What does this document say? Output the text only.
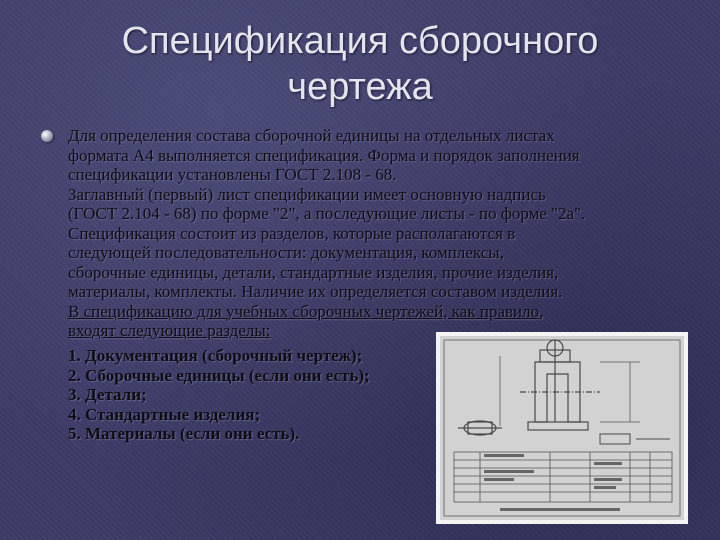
Спецификация сборочного чертежа
Для определения состава сборочной единицы на отдельных листах
формата А4 выполняется спецификация. Форма и порядок заполнения
спецификации установлены ГОСТ 2.108 - 68.
Заглавный (первый) лист спецификации имеет основную надпись
(ГОСТ 2.104 - 68) по форме "2", а последующие листы - по форме "2а".
Спецификация состоит из разделов, которые располагаются в
следующей последовательности: документация, комплексы,
сборочные единицы, детали, стандартные изделия, прочие изделия,
материалы, комплекты. Наличие их определяется составом изделия.
В спецификацию для учебных сборочных чертежей, как правило,
входят следующие разделы:
1. Документация (сборочный чертеж);
2. Сборочные единицы (если они есть);
3. Детали;
4. Стандартные изделия;
5. Материалы (если они есть).
